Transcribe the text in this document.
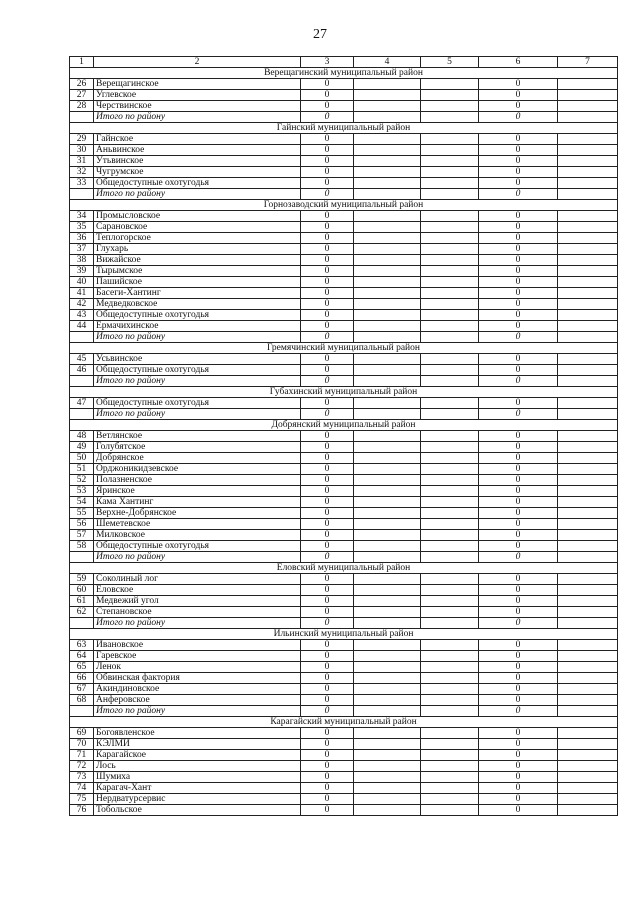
27
1	2	3	4	5	6	7
Верещагинский муниципальный район						
26	Верещагинское	0			0	
27	Углевское	0			0	
28	Черствинское	0			0	
	Итого по району	0			0	
Гайнский муниципальный район						
29	Гайнское	0			0	
30	Аньвинское	0			0	
31	Утьвинское	0			0	
32	Чугрумское	0			0	
33	Общедоступные охотугодья	0			0	
	Итого по району	0			0	
Горнозаводский муниципальный район						
34	Промысловское	0			0	
35	Сарановское	0			0	
36	Теплогорское	0			0	
37	Глухарь	0			0	
38	Вижайское	0			0	
39	Тырымское	0			0	
40	Пашийское	0			0	
41	Басеги-Хантинг	0			0	
42	Медведковское	0			0	
43	Общедоступные охотугодья	0			0	
44	Ермачихинское	0			0	
	Итого по району	0			0	
Гремячинский муниципальный район						
45	Усьвинское	0			0	
46	Общедоступные охотугодья	0			0	
	Итого по району	0			0	
Губахинский муниципальный район						
47	Общедоступные охотугодья	0			0	
	Итого по району	0			0	
Добрянский муниципальный район						
48	Ветлянское	0			0	
49	Голубятское	0			0	
50	Добрянское	0			0	
51	Орджоникидзевское	0			0	
52	Полазненское	0			0	
53	Яринское	0			0	
54	Кама Хантинг	0			0	
55	Верхне-Добрянское	0			0	
56	Шеметевское	0			0	
57	Милковское	0			0	
58	Общедоступные охотугодья	0			0	
	Итого по району	0			0	
Еловский муниципальный район						
59	Соколиный лог	0			0	
60	Еловское	0			0	
61	Медвежий угол	0			0	
62	Степановское	0			0	
	Итого по району	0			0	
Ильинский муниципальный район						
63	Ивановское	0			0	
64	Гаревское	0			0	
65	Ленок	0			0	
66	Обвинская фактория	0			0	
67	Акиндиновское	0			0	
68	Анферовское	0			0	
	Итого по району	0			0	
Карагайский муниципальный район						
69	Богоявленское	0			0	
70	КЭЛМИ	0			0	
71	Карагайское	0			0	
72	Лось	0			0	
73	Шумиха	0			0	
74	Карагач-Хант	0			0	
75	Нердватурсервис	0			0	
76	Тобольское	0			0	
